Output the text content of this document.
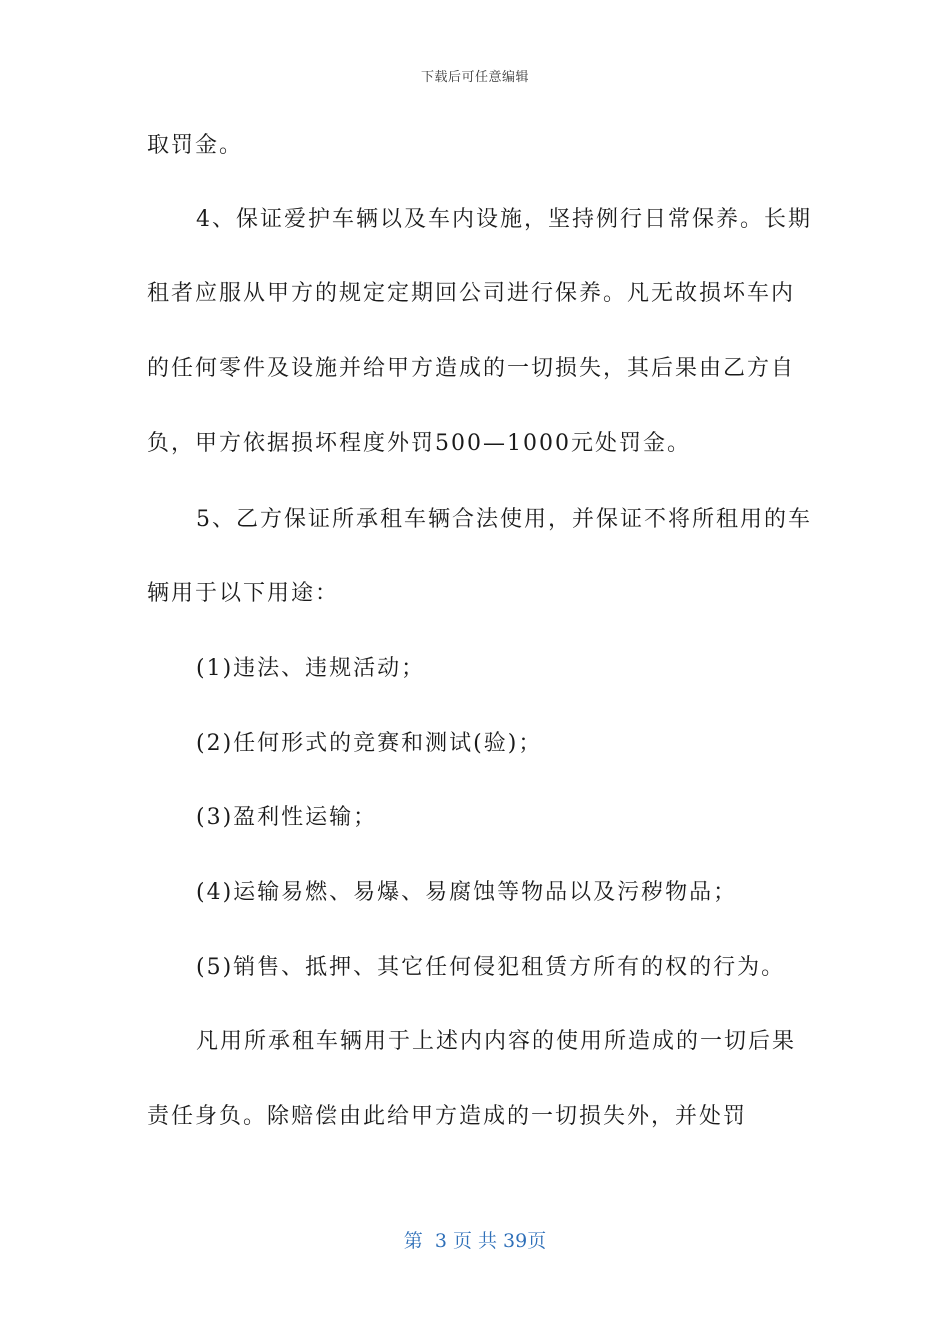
下载后可任意编辑
取罚金。
4、保证爱护车辆以及车内设施，坚持例行日常保养。长期
租者应服从甲方的规定定期回公司进行保养。凡无故损坏车内
的任何零件及设施并给甲方造成的一切损失，其后果由乙方自
负，甲方依据损坏程度外罚500—1000元处罚金。
5、乙方保证所承租车辆合法使用，并保证不将所租用的车
辆用于以下用途：
(1)违法、违规活动；
(2)任何形式的竞赛和测试(验)；
(3)盈利性运输；
(4)运输易燃、易爆、易腐蚀等物品以及污秽物品；
(5)销售、抵押、其它任何侵犯租赁方所有的权的行为。
凡用所承租车辆用于上述内内容的使用所造成的一切后果
责任身负。除赔偿由此给甲方造成的一切损失外，并处罚
第  3 页 共 39页
